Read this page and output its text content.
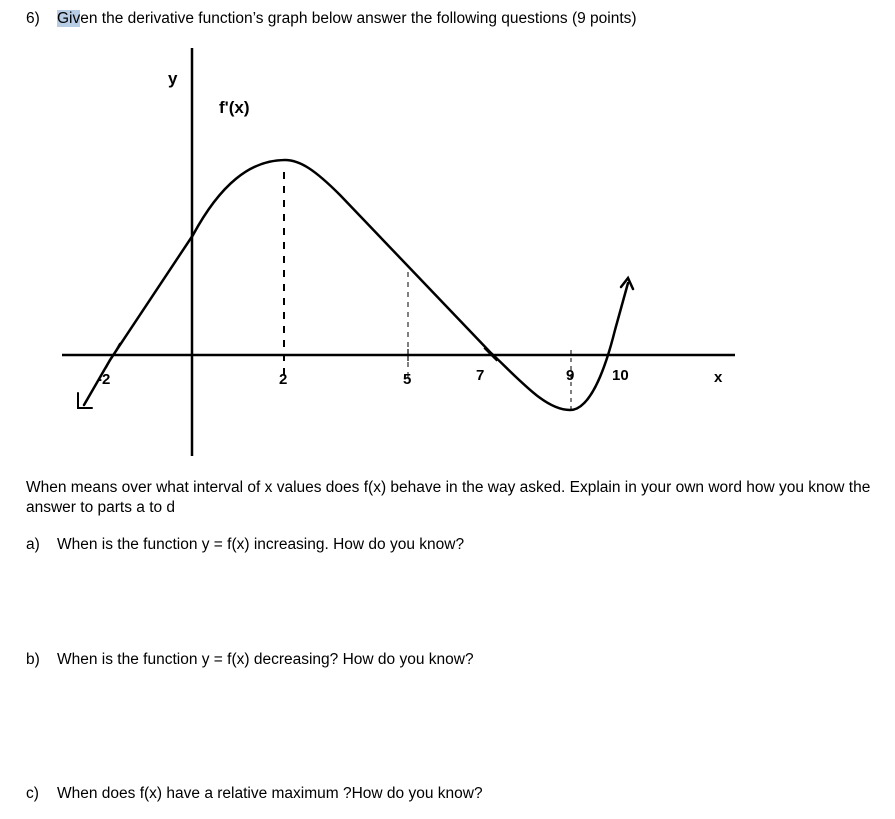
6) Given the derivative function’s graph below answer the following questions (9 points)
y
f'(x)
x
-2	2	5	7	9	10
When means over what interval of x values does f(x) behave in the way asked. Explain in your own word how you know the answer to parts a to d
a) When is the function y = f(x) increasing. How do you know?
b) When is the function y = f(x) decreasing? How do you know?
c) When does f(x) have a relative maximum ?How do you know?
